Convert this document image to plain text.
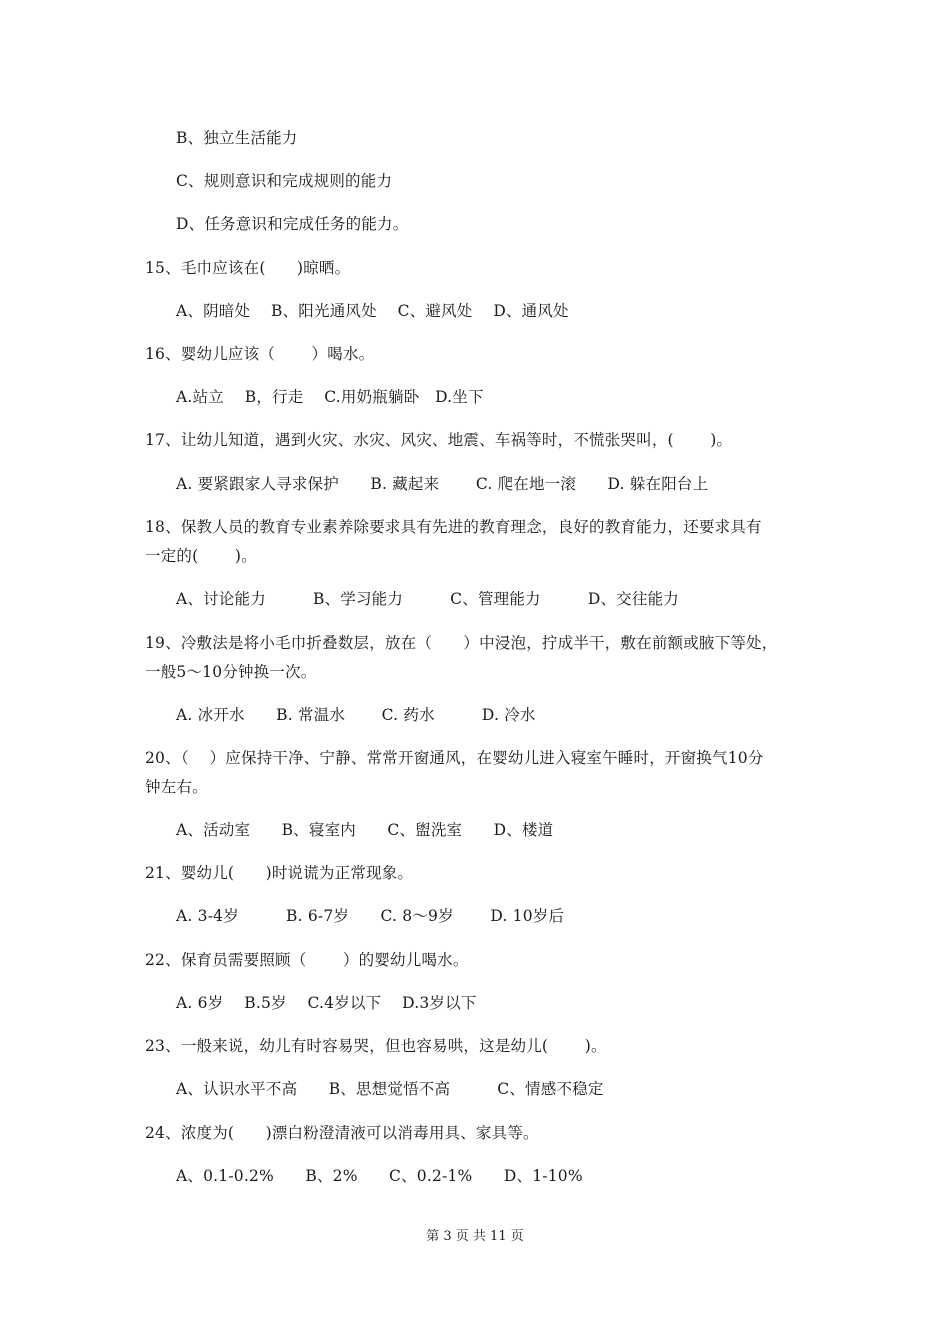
B、独立生活能力
C、规则意识和完成规则的能力
D、任务意识和完成任务的能力。
15、毛巾应该在(　　)晾晒。
A、阴暗处　 B、阳光通风处　 C、避风处　 D、通风处
16、婴幼儿应该（　　 ）喝水。
A.站立　 B，行走　 C.用奶瓶躺卧　D.坐下
17、让幼儿知道，遇到火灾、水灾、风灾、地震、车祸等时，不慌张哭叫，(　　 )。
A. 要紧跟家人寻求保护　　B. 藏起来　　 C. 爬在地一滚　　D. 躲在阳台上
18、保教人员的教育专业素养除要求具有先进的教育理念，良好的教育能力，还要求具有
一定的(　　 )。
A、讨论能力　　　B、学习能力　　　C、管理能力　　　D、交往能力
19、冷敷法是将小毛巾折叠数层，放在（　　）中浸泡，拧成半干，敷在前额或腋下等处，
一般5～10分钟换一次。
A. 冰开水　　B. 常温水　　 C. 药水　　　D. 冷水
20、（　 ）应保持干净、宁静、常常开窗通风，在婴幼儿进入寝室午睡时，开窗换气10分
钟左右。
A、活动室　　B、寝室内　　C、盥洗室　　D、楼道
21、婴幼儿(　　)时说谎为正常现象。
A. 3-4岁　　　B. 6-7岁　　C. 8～9岁　　 D. 10岁后
22、保育员需要照顾（　　 ）的婴幼儿喝水。
A. 6岁　 B.5岁　 C.4岁以下　 D.3岁以下
23、一般来说，幼儿有时容易哭，但也容易哄，这是幼儿(　　 )。
A、认识水平不高　　B、思想觉悟不高　　　C、情感不稳定
24、浓度为(　　)漂白粉澄清液可以消毒用具、家具等。
A、0.1-0.2%　　B、2%　　C、0.2-1%　　D、1-10%
第 3 页 共 11 页
